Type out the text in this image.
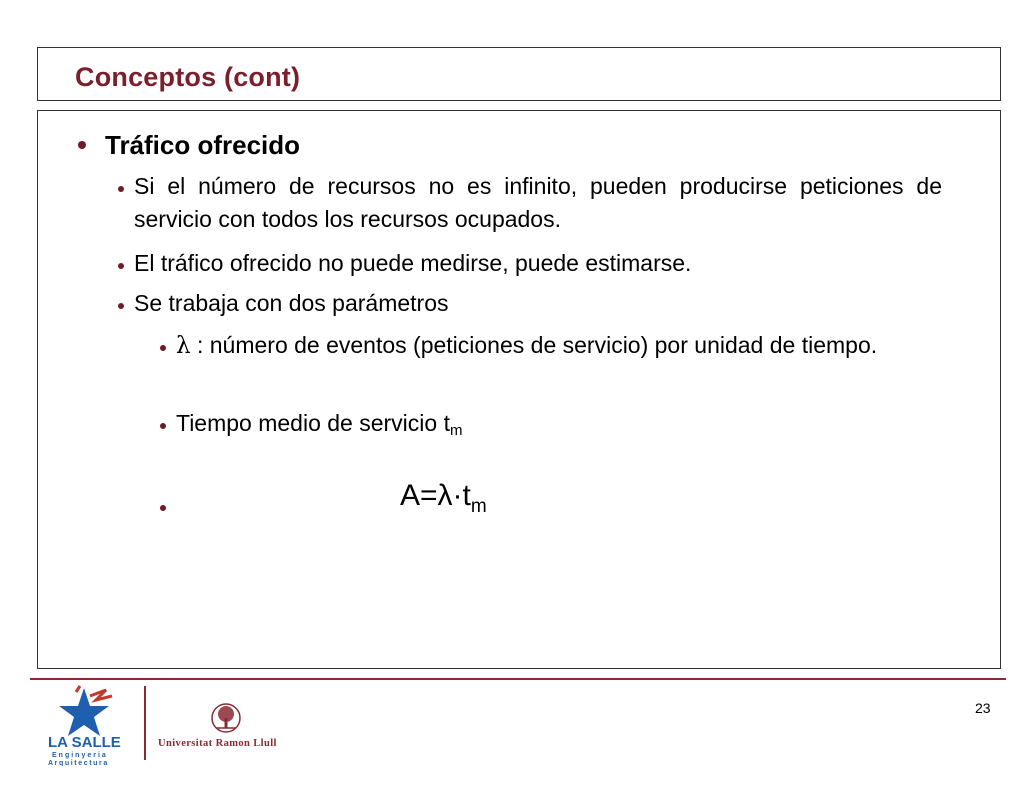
Conceptos (cont)
Tráfico ofrecido
Si el número de recursos no es infinito, pueden producirse peticiones de servicio con todos los recursos ocupados.
El tráfico ofrecido no puede medirse, puede estimarse.
Se trabaja con dos parámetros
λ : número de eventos (peticiones de servicio) por unidad de tiempo.
Tiempo medio de servicio $t_m$
$A=\lambda\cdot t_m$
23
LA SALLE
Enginyeria
Arquitectura
Universitat Ramon Llull
